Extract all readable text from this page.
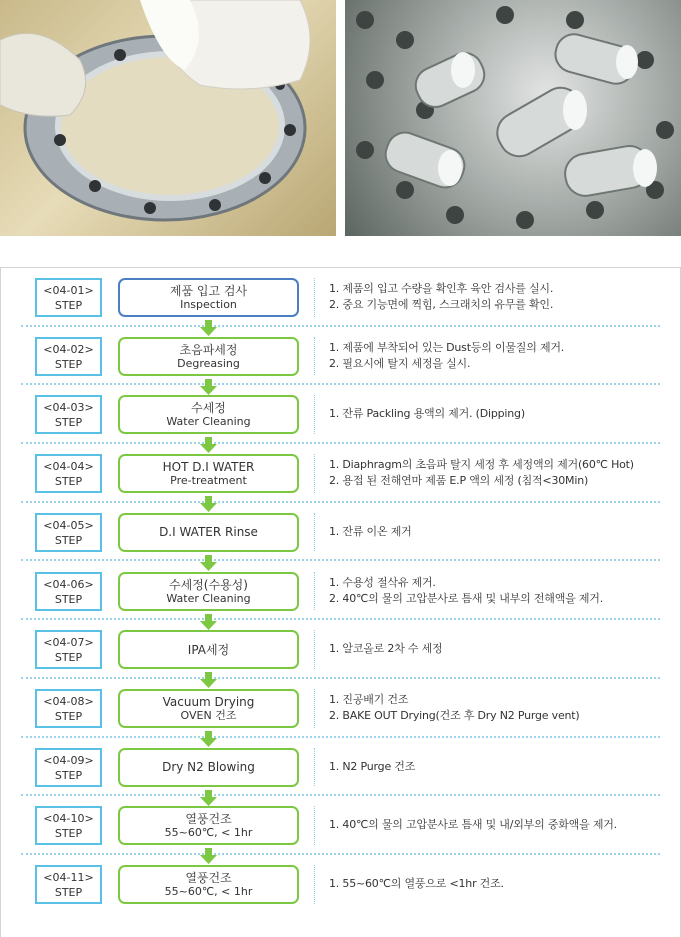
<04-01>
STEP
제품 입고 검사
Inspection
1. 제품의 입고 수량을 확인후 육안 검사를 실시.
2. 중요 기능면에 찍힘, 스크래치의 유무를 확인.
<04-02>
STEP
초음파세정
Degreasing
1. 제품에 부착되어 있는 Dust등의 이물질의 제거.
2. 필요시에 탈지 세정을 실시.
<04-03>
STEP
수세정
Water Cleaning
1. 잔류 Packling 용액의 제거. (Dipping)
<04-04>
STEP
HOT D.I WATER
Pre-treatment
1. Diaphragm의 초음파 탈지 세정 후 세정액의 제거(60℃ Hot)
2. 용접 된 전해연마 제품 E.P 액의 세정 (침적<30Min)
<04-05>
STEP
D.I WATER Rinse	1. 잔류 이온 제거
<04-06>
STEP
수세정(수용성)
Water Cleaning
1. 수용성 절삭유 제거.
2. 40℃의 물의 고압분사로 틈새 및 내부의 전해액을 제거.
<04-07>
STEP
IPA세정	1. 알코올로 2차 수 세정
<04-08>
STEP
Vacuum Drying
OVEN 건조
1. 진공배기 건조
2. BAKE OUT Drying(건조 후 Dry N2 Purge vent)
<04-09>
STEP
Dry N2 Blowing	1. N2 Purge 건조
<04-10>
STEP
열풍건조
55~60℃, < 1hr
1. 40℃의 물의 고압분사로 틈새 및 내/외부의 중화액을 제거.
<04-11>
STEP
열풍건조
55~60℃, < 1hr
1. 55~60℃의 열풍으로 <1hr 건조.
